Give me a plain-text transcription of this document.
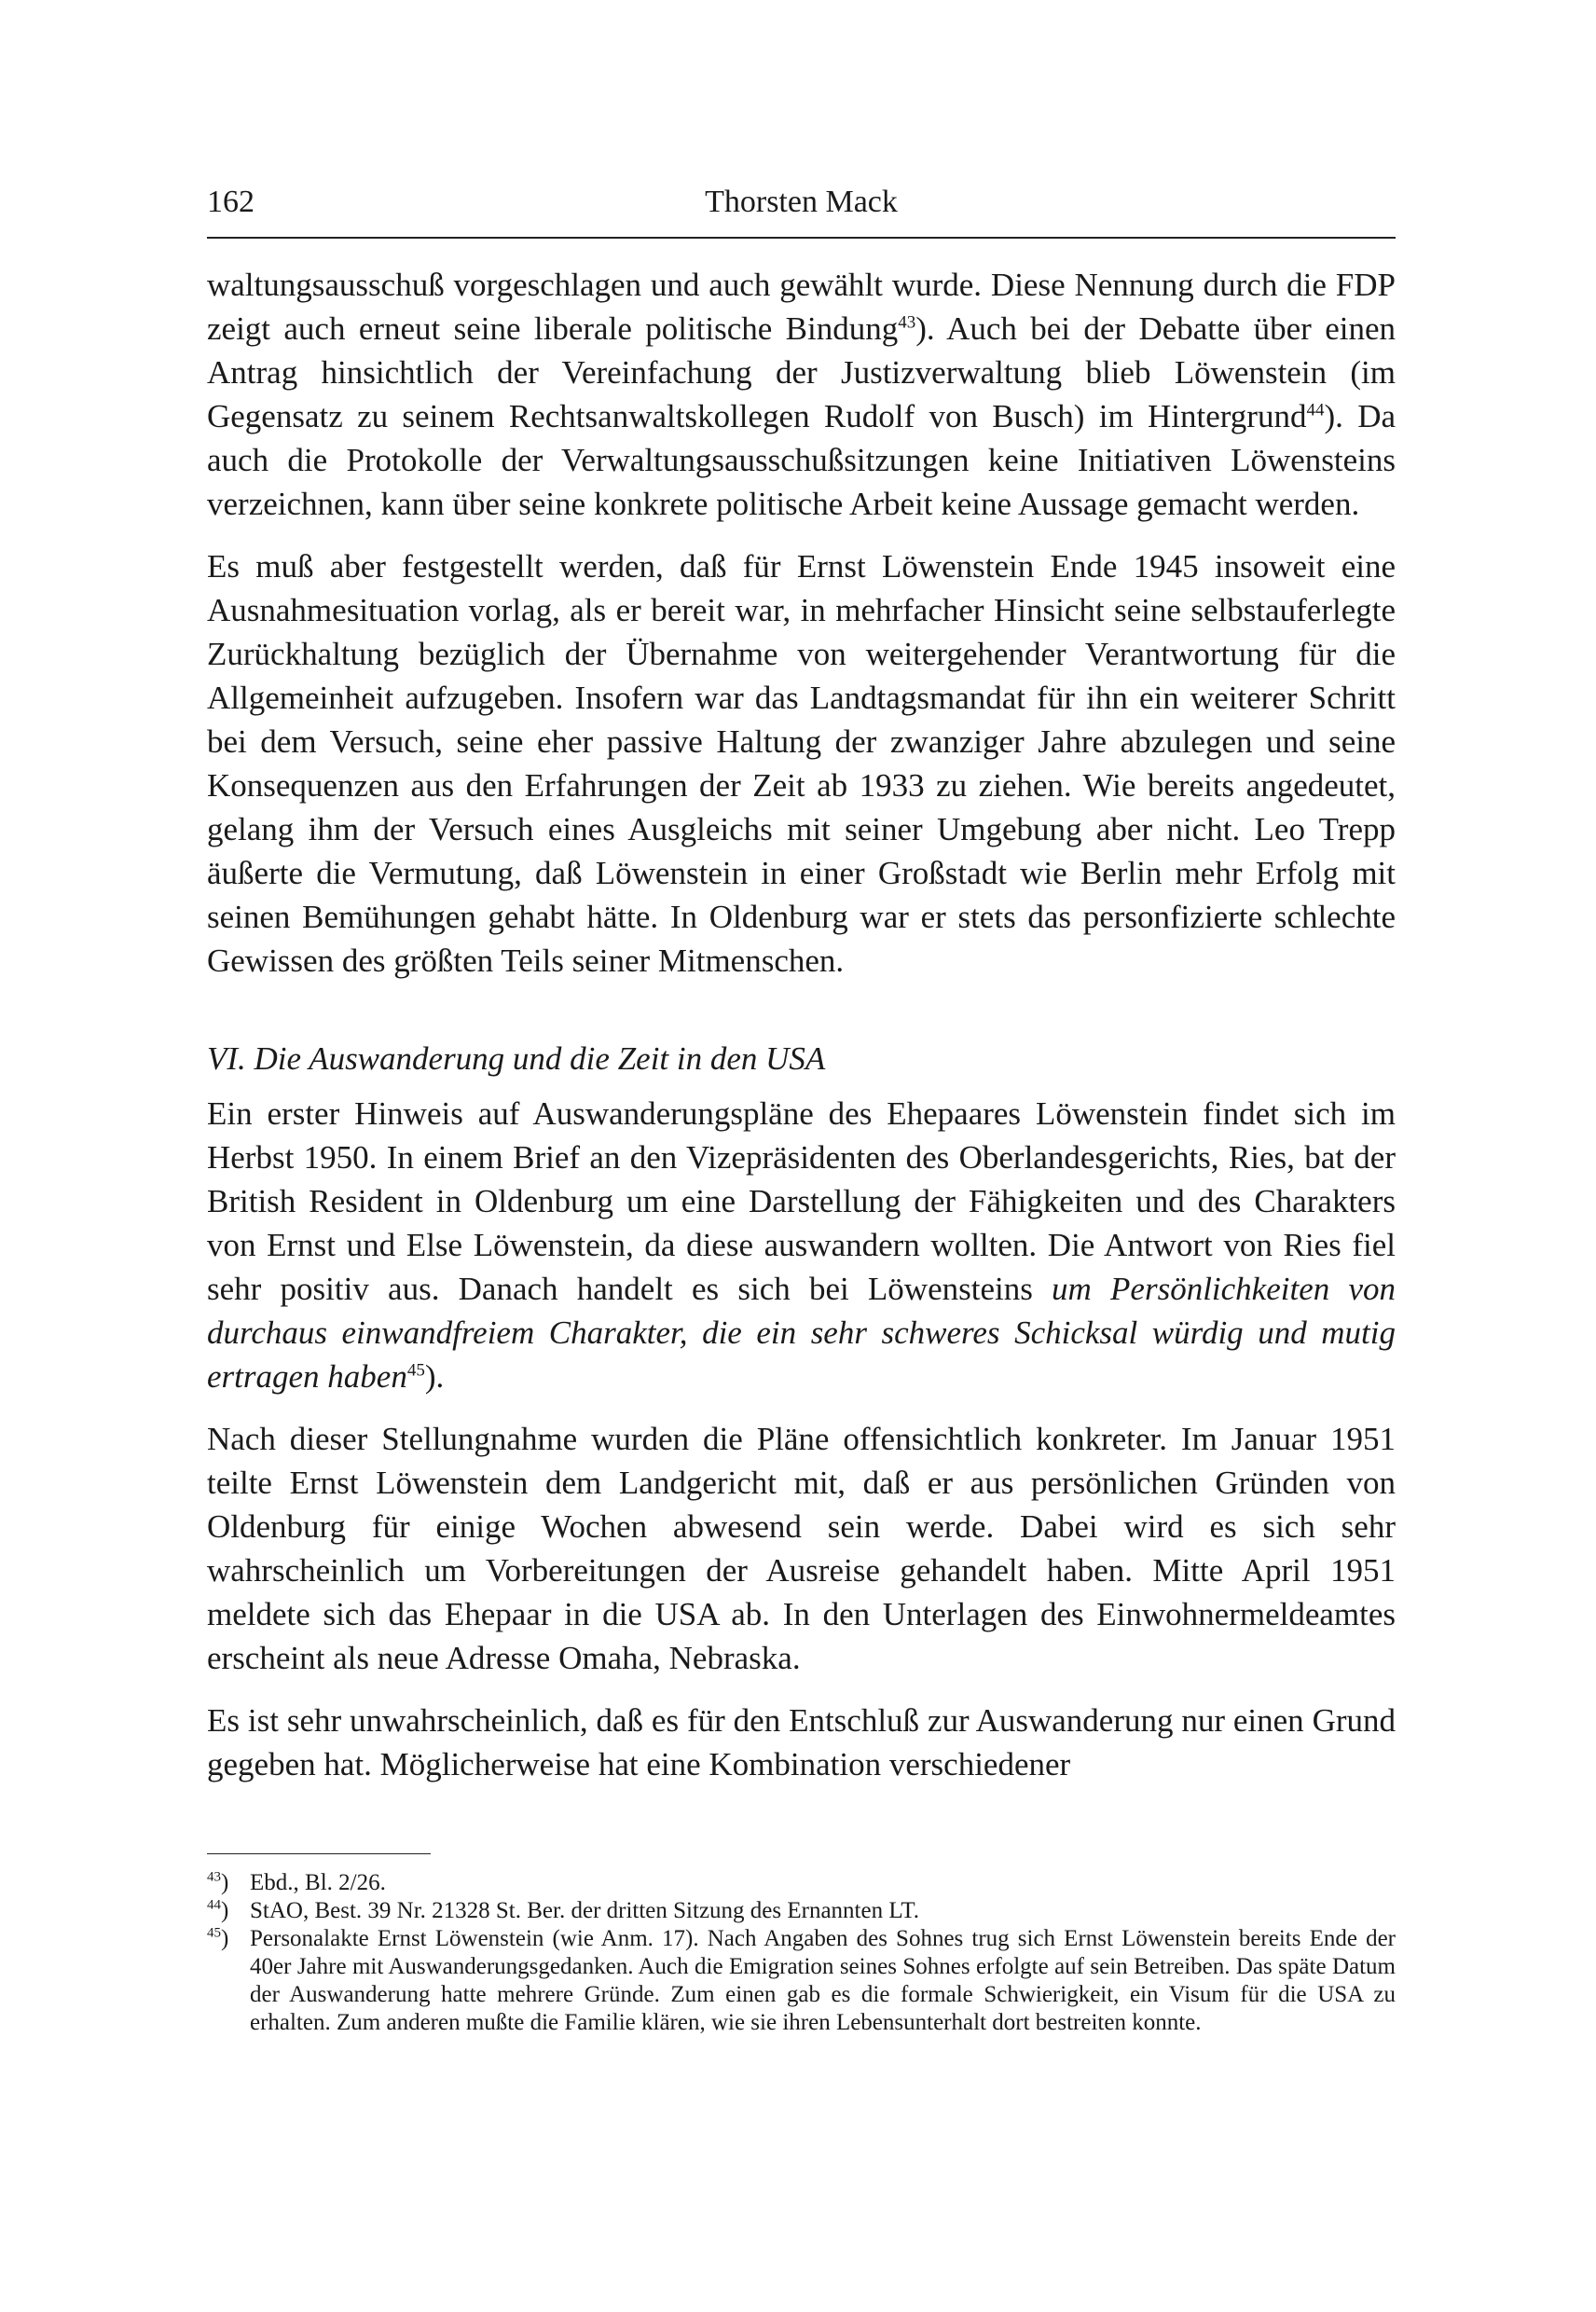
162	Thorsten Mack

waltungsausschuß vorgeschlagen und auch gewählt wurde. Diese Nennung durch die FDP zeigt auch erneut seine liberale politische Bindung$^{43}$). Auch bei der Debatte über einen Antrag hinsichtlich der Vereinfachung der Justizverwaltung blieb Löwenstein (im Gegensatz zu seinem Rechtsanwaltskollegen Rudolf von Busch) im Hintergrund$^{44}$). Da auch die Protokolle der Verwaltungsausschußsitzungen keine Initiativen Löwensteins verzeichnen, kann über seine konkrete politische Arbeit keine Aussage gemacht werden.

Es muß aber festgestellt werden, daß für Ernst Löwenstein Ende 1945 insoweit eine Ausnahmesituation vorlag, als er bereit war, in mehrfacher Hinsicht seine selbstauferlegte Zurückhaltung bezüglich der Übernahme von weitergehender Verantwortung für die Allgemeinheit aufzugeben. Insofern war das Landtagsmandat für ihn ein weiterer Schritt bei dem Versuch, seine eher passive Haltung der zwanziger Jahre abzulegen und seine Konsequenzen aus den Erfahrungen der Zeit ab 1933 zu ziehen. Wie bereits angedeutet, gelang ihm der Versuch eines Ausgleichs mit seiner Umgebung aber nicht. Leo Trepp äußerte die Vermutung, daß Löwenstein in einer Großstadt wie Berlin mehr Erfolg mit seinen Bemühungen gehabt hätte. In Oldenburg war er stets das personfizierte schlechte Gewissen des größten Teils seiner Mitmenschen.

VI. Die Auswanderung und die Zeit in den USA

Ein erster Hinweis auf Auswanderungspläne des Ehepaares Löwenstein findet sich im Herbst 1950. In einem Brief an den Vizepräsidenten des Oberlandesgerichts, Ries, bat der British Resident in Oldenburg um eine Darstellung der Fähigkeiten und des Charakters von Ernst und Else Löwenstein, da diese auswandern wollten. Die Antwort von Ries fiel sehr positiv aus. Danach handelt es sich bei Löwensteins um Persönlichkeiten von durchaus einwandfreiem Charakter, die ein sehr schweres Schicksal würdig und mutig ertragen haben$^{45}$).

Nach dieser Stellungnahme wurden die Pläne offensichtlich konkreter. Im Januar 1951 teilte Ernst Löwenstein dem Landgericht mit, daß er aus persönlichen Gründen von Oldenburg für einige Wochen abwesend sein werde. Dabei wird es sich sehr wahrscheinlich um Vorbereitungen der Ausreise gehandelt haben. Mitte April 1951 meldete sich das Ehepaar in die USA ab. In den Unterlagen des Einwohnermeldeamtes erscheint als neue Adresse Omaha, Nebraska.

Es ist sehr unwahrscheinlich, daß es für den Entschluß zur Auswanderung nur einen Grund gegeben hat. Möglicherweise hat eine Kombination verschiedener

$^{43}$) Ebd., Bl. 2/26.
$^{44}$) StAO, Best. 39 Nr. 21328 St. Ber. der dritten Sitzung des Ernannten LT.
$^{45}$) Personalakte Ernst Löwenstein (wie Anm. 17). Nach Angaben des Sohnes trug sich Ernst Löwenstein bereits Ende der 40er Jahre mit Auswanderungsgedanken. Auch die Emigration seines Sohnes erfolgte auf sein Betreiben. Das späte Datum der Auswanderung hatte mehrere Gründe. Zum einen gab es die formale Schwierigkeit, ein Visum für die USA zu erhalten. Zum anderen mußte die Familie klären, wie sie ihren Lebensunterhalt dort bestreiten konnte.
